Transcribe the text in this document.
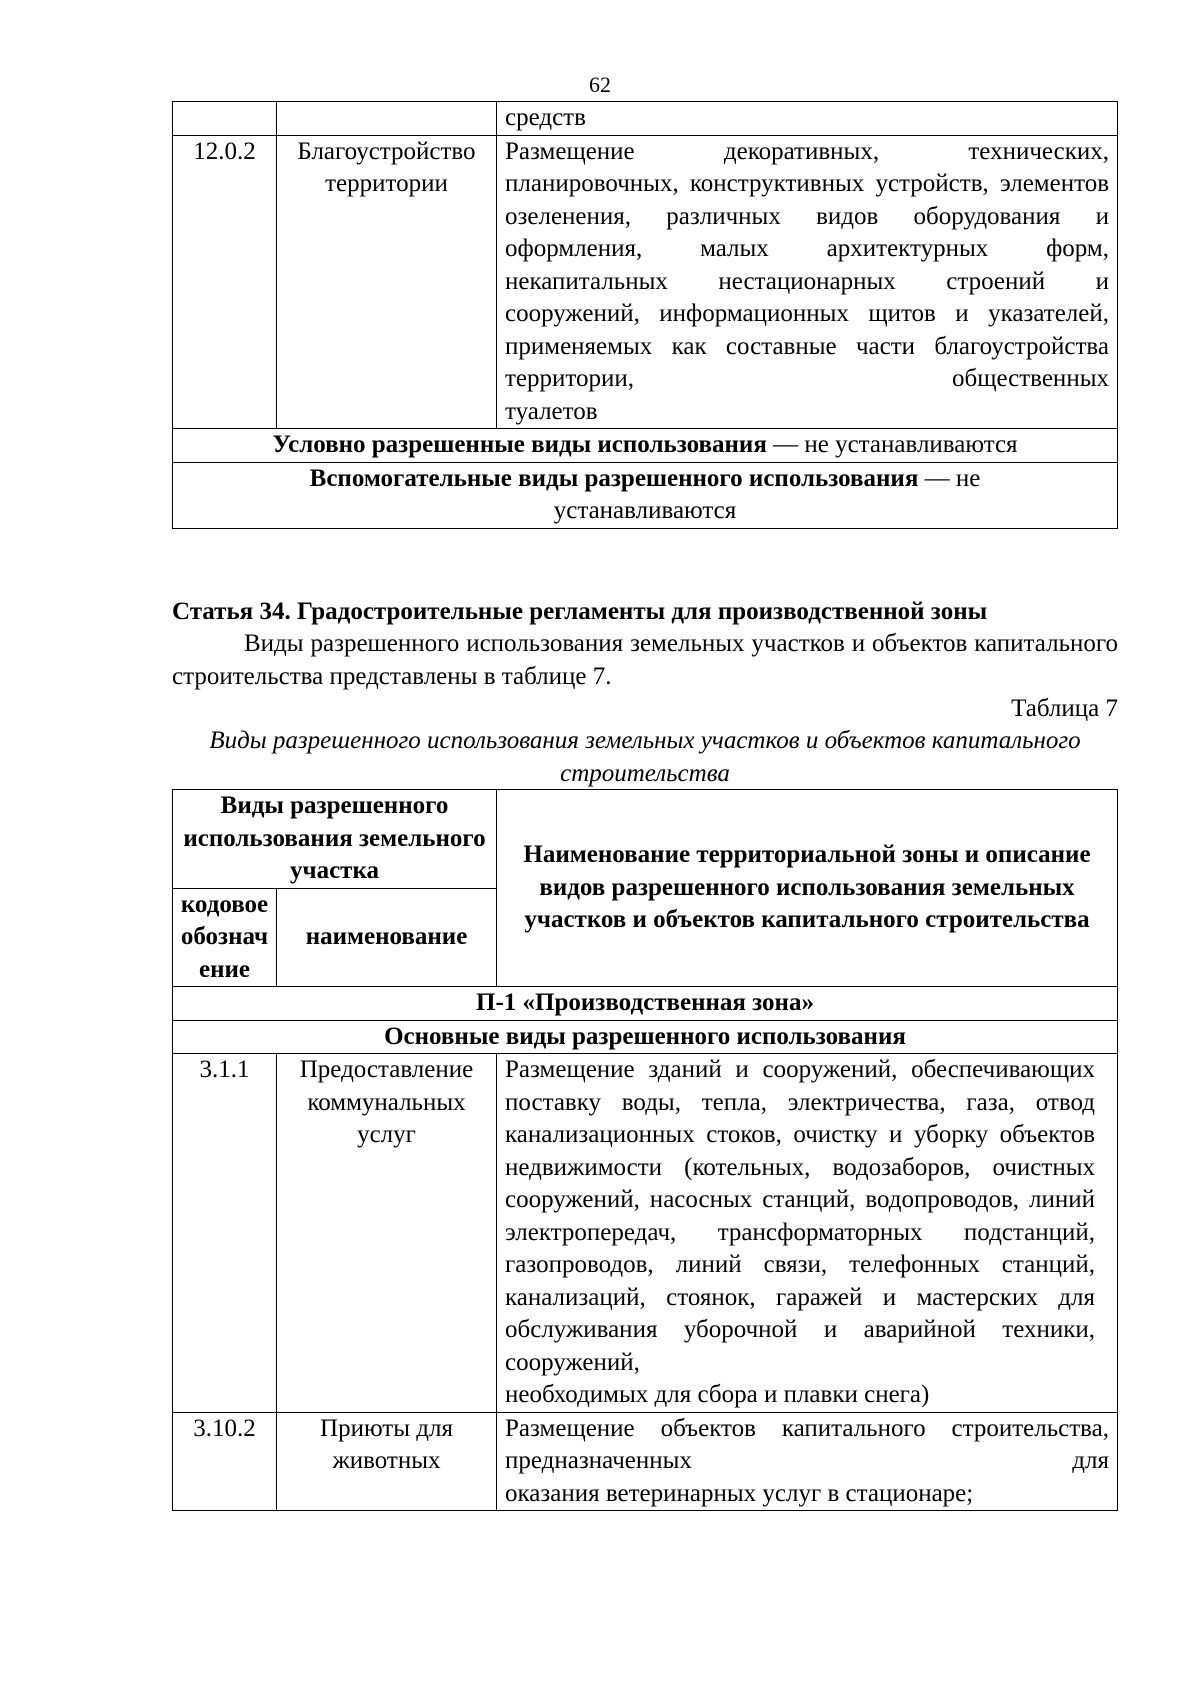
62
		средств
12.0.2	Благоустройство территории	Размещение декоративных, технических, планировочных, конструктивных устройств, элементов озеленения, различных видов оборудования и оформления, малых архитектурных форм, некапитальных нестационарных строений и сооружений, информационных щитов и указателей, применяемых как составные части благоустройства территории, общественных
туалетов

Условно разрешенные виды использования — не устанавливаются		
Вспомогательные виды разрешенного использования — не устанавливаются		
Статья 34. Градостроительные регламенты для производственной зоны
Виды разрешенного использования земельных участков и объектов капитального строительства представлены в таблице 7.
Таблица 7
Виды разрешенного использования земельных участков и объектов капитального строительства
Виды разрешенного использования земельного участка		Наименование территориальной зоны и описание видов разрешенного использования земельных участков и объектов капитального строительства
кодовое обозначение	наименование	
П-1 «Производственная зона»		
Основные виды разрешенного использования		
3.1.1	Предоставление коммунальных услуг	Размещение зданий и сооружений, обеспечивающих поставку воды, тепла, электричества, газа, отвод канализационных стоков, очистку и уборку объектов недвижимости (котельных, водозаборов, очистных сооружений, насосных станций, водопроводов, линий электропередач, трансформаторных подстанций, газопроводов, линий связи, телефонных станций, канализаций, стоянок, гаражей и мастерских для обслуживания уборочной и аварийной техники, сооружений,
необходимых для сбора и плавки снега)

3.10.2	Приюты для животных	Размещение объектов капитального строительства, предназначенных для
оказания ветеринарных услуг в стационаре;
